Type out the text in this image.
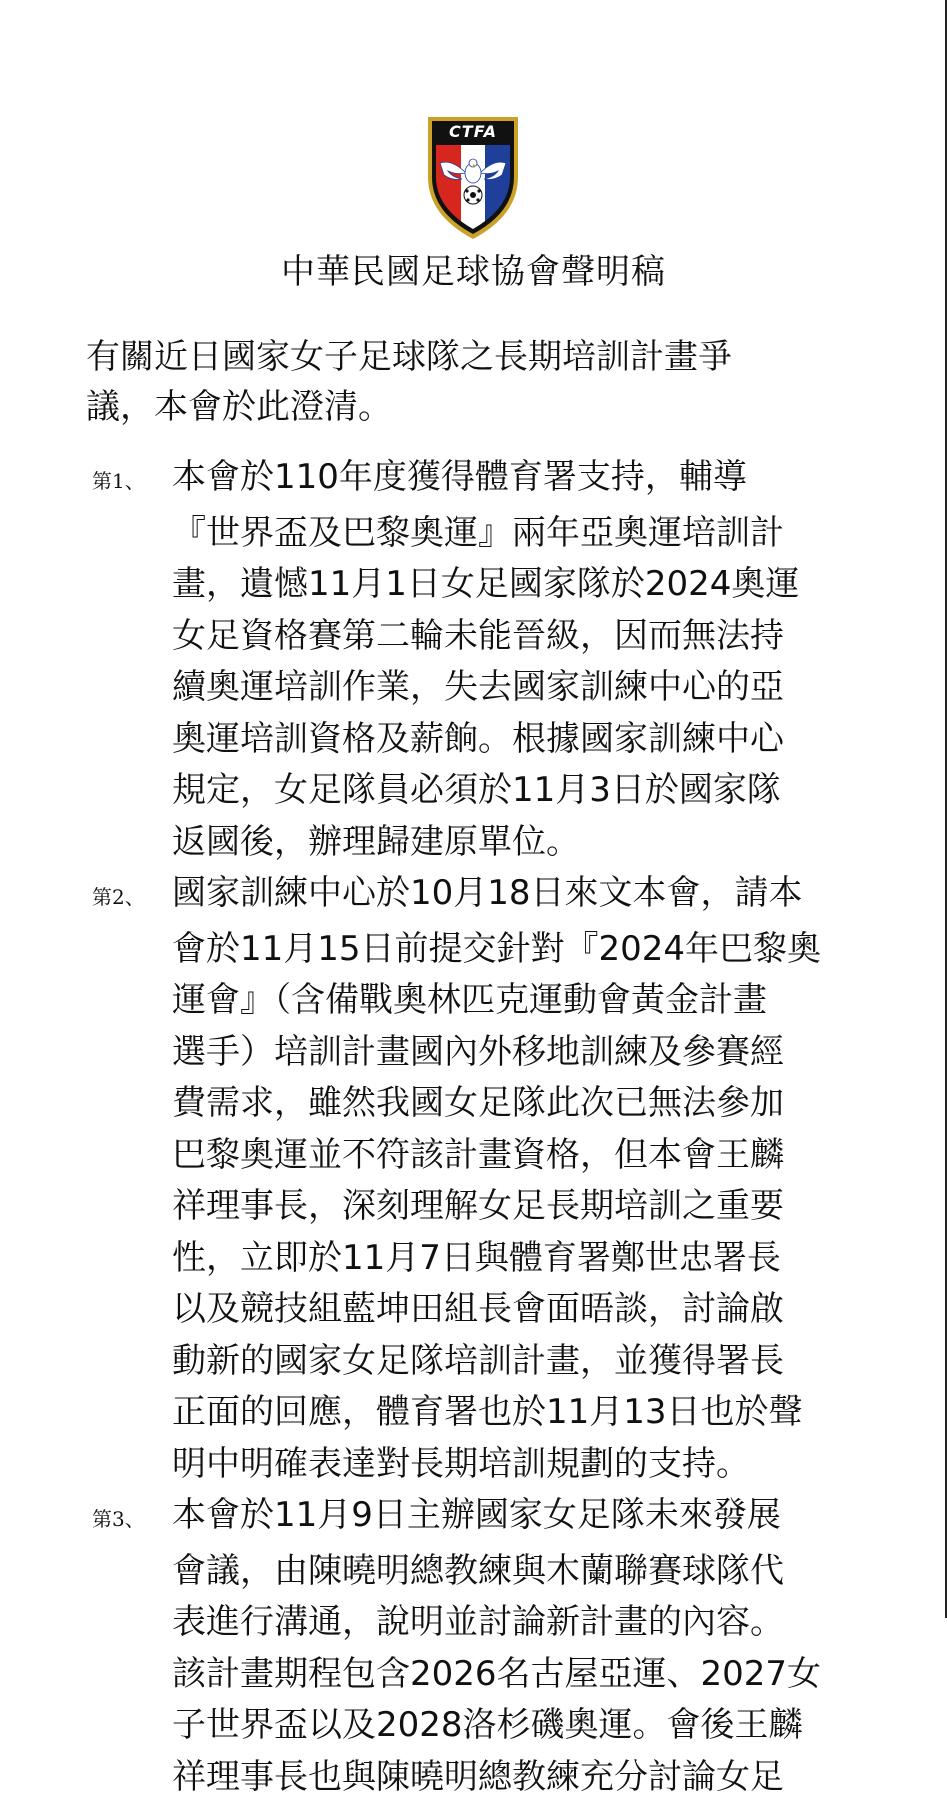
CTFA
中華民國足球協會聲明稿
有關近日國家女子足球隊之長期培訓計畫爭
議，本會於此澄清。
第1、 本會於110年度獲得體育署支持，輔導
『世界盃及巴黎奧運』兩年亞奧運培訓計
畫，遺憾11月1日女足國家隊於2024奧運
女足資格賽第二輪未能晉級，因而無法持
續奧運培訓作業，失去國家訓練中心的亞
奧運培訓資格及薪餉。根據國家訓練中心
規定，女足隊員必須於11月3日於國家隊
返國後，辦理歸建原單位。
第2、 國家訓練中心於10月18日來文本會，請本
會於11月15日前提交針對『2024年巴黎奧
運會』（含備戰奧林匹克運動會黃金計畫
選手）培訓計畫國內外移地訓練及參賽經
費需求，雖然我國女足隊此次已無法參加
巴黎奧運並不符該計畫資格，但本會王麟
祥理事長，深刻理解女足長期培訓之重要
性，立即於11月7日與體育署鄭世忠署長
以及競技組藍坤田組長會面晤談，討論啟
動新的國家女足隊培訓計畫，並獲得署長
正面的回應，體育署也於11月13日也於聲
明中明確表達對長期培訓規劃的支持。
第3、 本會於11月9日主辦國家女足隊未來發展
會議，由陳曉明總教練與木蘭聯賽球隊代
表進行溝通，說明並討論新計畫的內容。
該計畫期程包含2026名古屋亞運、2027女
子世界盃以及2028洛杉磯奧運。會後王麟
祥理事長也與陳曉明總教練充分討論女足
